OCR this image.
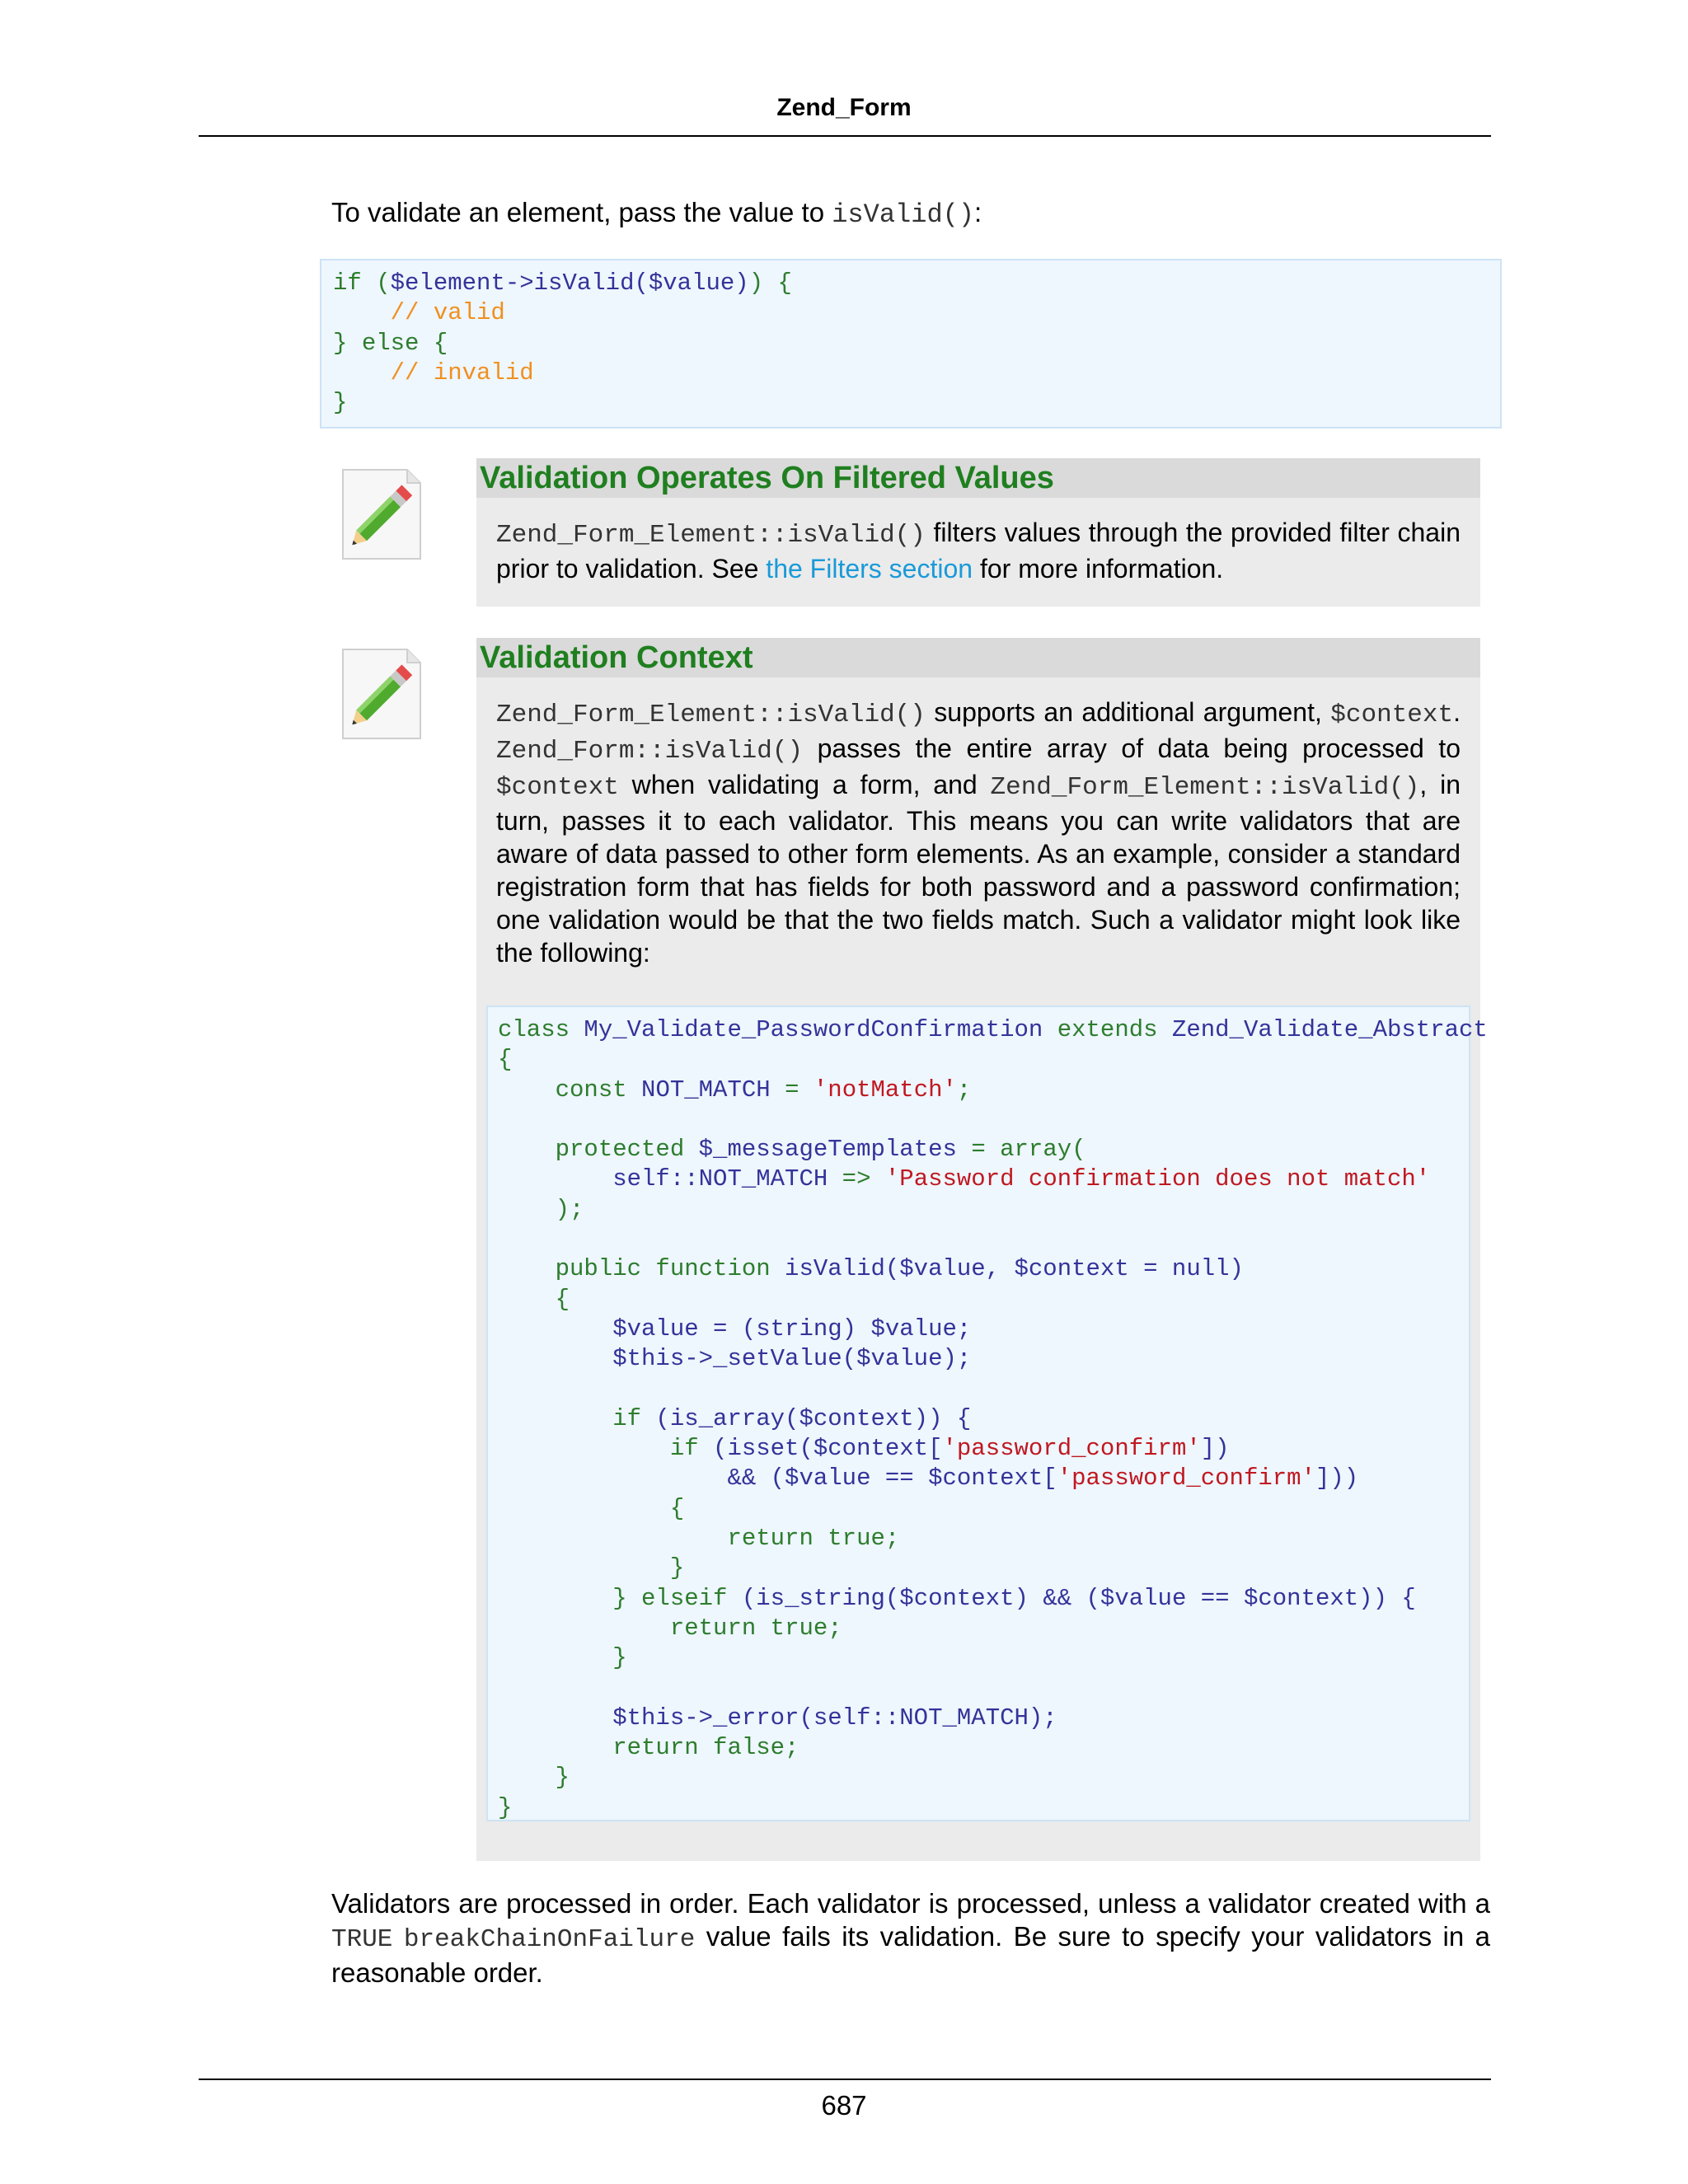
Zend_Form
To validate an element, pass the value to isValid():
if ($element->isValid($value)) {
// valid
} else {
// invalid
}
Validation Operates On Filtered Values
Zend_Form_Element::isValid() filters values through the provided filter chain prior to validation. See the Filters section for more information.
Validation Context
Zend_Form_Element::isValid() supports an additional argument, $context. Zend_Form::isValid() passes the entire array of data being processed to $context when validating a form, and Zend_Form_Element::isValid(), in turn, passes it to each validator. This means you can write validators that are aware of data passed to other form elements. As an example, consider a standard registration form that has fields for both password and a password confirmation; one validation would be that the two fields match. Such a validator might look like the following:
class My_Validate_PasswordConfirmation extends Zend_Validate_Abstract
{
const NOT_MATCH = 'notMatch';

protected $_messageTemplates = array(
self::NOT_MATCH => 'Password confirmation does not match'
);

public function isValid($value, $context = null)
{
$value = (string) $value;
$this->_setValue($value);

if (is_array($context)) {
if (isset($context['password_confirm'])
&& ($value == $context['password_confirm']))
{
return true;
}
} elseif (is_string($context) && ($value == $context)) {
return true;
}

$this->_error(self::NOT_MATCH);
return false;
}
}
Validators are processed in order. Each validator is processed, unless a validator created with a TRUE breakChainOnFailure value fails its validation. Be sure to specify your validators in a reasonable order.
687
